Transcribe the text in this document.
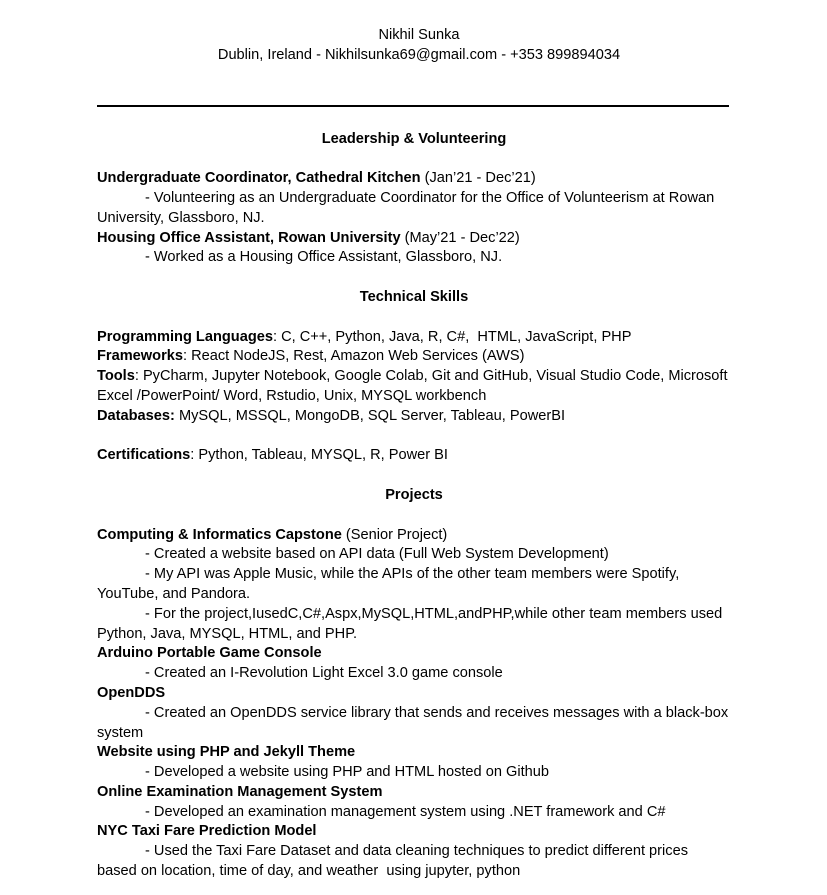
Nikhil Sunka
Dublin, Ireland - Nikhilsunka69@gmail.com - +353 899894034
Leadership & Volunteering
Undergraduate Coordinator, Cathedral Kitchen (Jan’21 - Dec’21)
- Volunteering as an Undergraduate Coordinator for the Office of Volunteerism at Rowan University, Glassboro, NJ.
Housing Office Assistant, Rowan University (May’21 - Dec’22)
- Worked as a Housing Office Assistant, Glassboro, NJ.
Technical Skills
Programming Languages: C, C++, Python, Java, R, C#,  HTML, JavaScript, PHP
Frameworks: React NodeJS, Rest, Amazon Web Services (AWS)
Tools: PyCharm, Jupyter Notebook, Google Colab, Git and GitHub, Visual Studio Code, Microsoft Excel /PowerPoint/ Word, Rstudio, Unix, MYSQL workbench
Databases: MySQL, MSSQL, MongoDB, SQL Server, Tableau, PowerBI
Certifications: Python, Tableau, MYSQL, R, Power BI
Projects
Computing & Informatics Capstone (Senior Project)
- Created a website based on API data (Full Web System Development)
- My API was Apple Music, while the APIs of the other team members were Spotify, YouTube, and Pandora.
- For the project,IusedC,C#,Aspx,MySQL,HTML,andPHP,while other team members used Python, Java, MYSQL, HTML, and PHP.
Arduino Portable Game Console
- Created an I-Revolution Light Excel 3.0 game console
OpenDDS
- Created an OpenDDS service library that sends and receives messages with a black-box system
Website using PHP and Jekyll Theme
- Developed a website using PHP and HTML hosted on Github
Online Examination Management System
- Developed an examination management system using .NET framework and C#
NYC Taxi Fare Prediction Model
- Used the Taxi Fare Dataset and data cleaning techniques to predict different prices based on location, time of day, and weather  using jupyter, python
